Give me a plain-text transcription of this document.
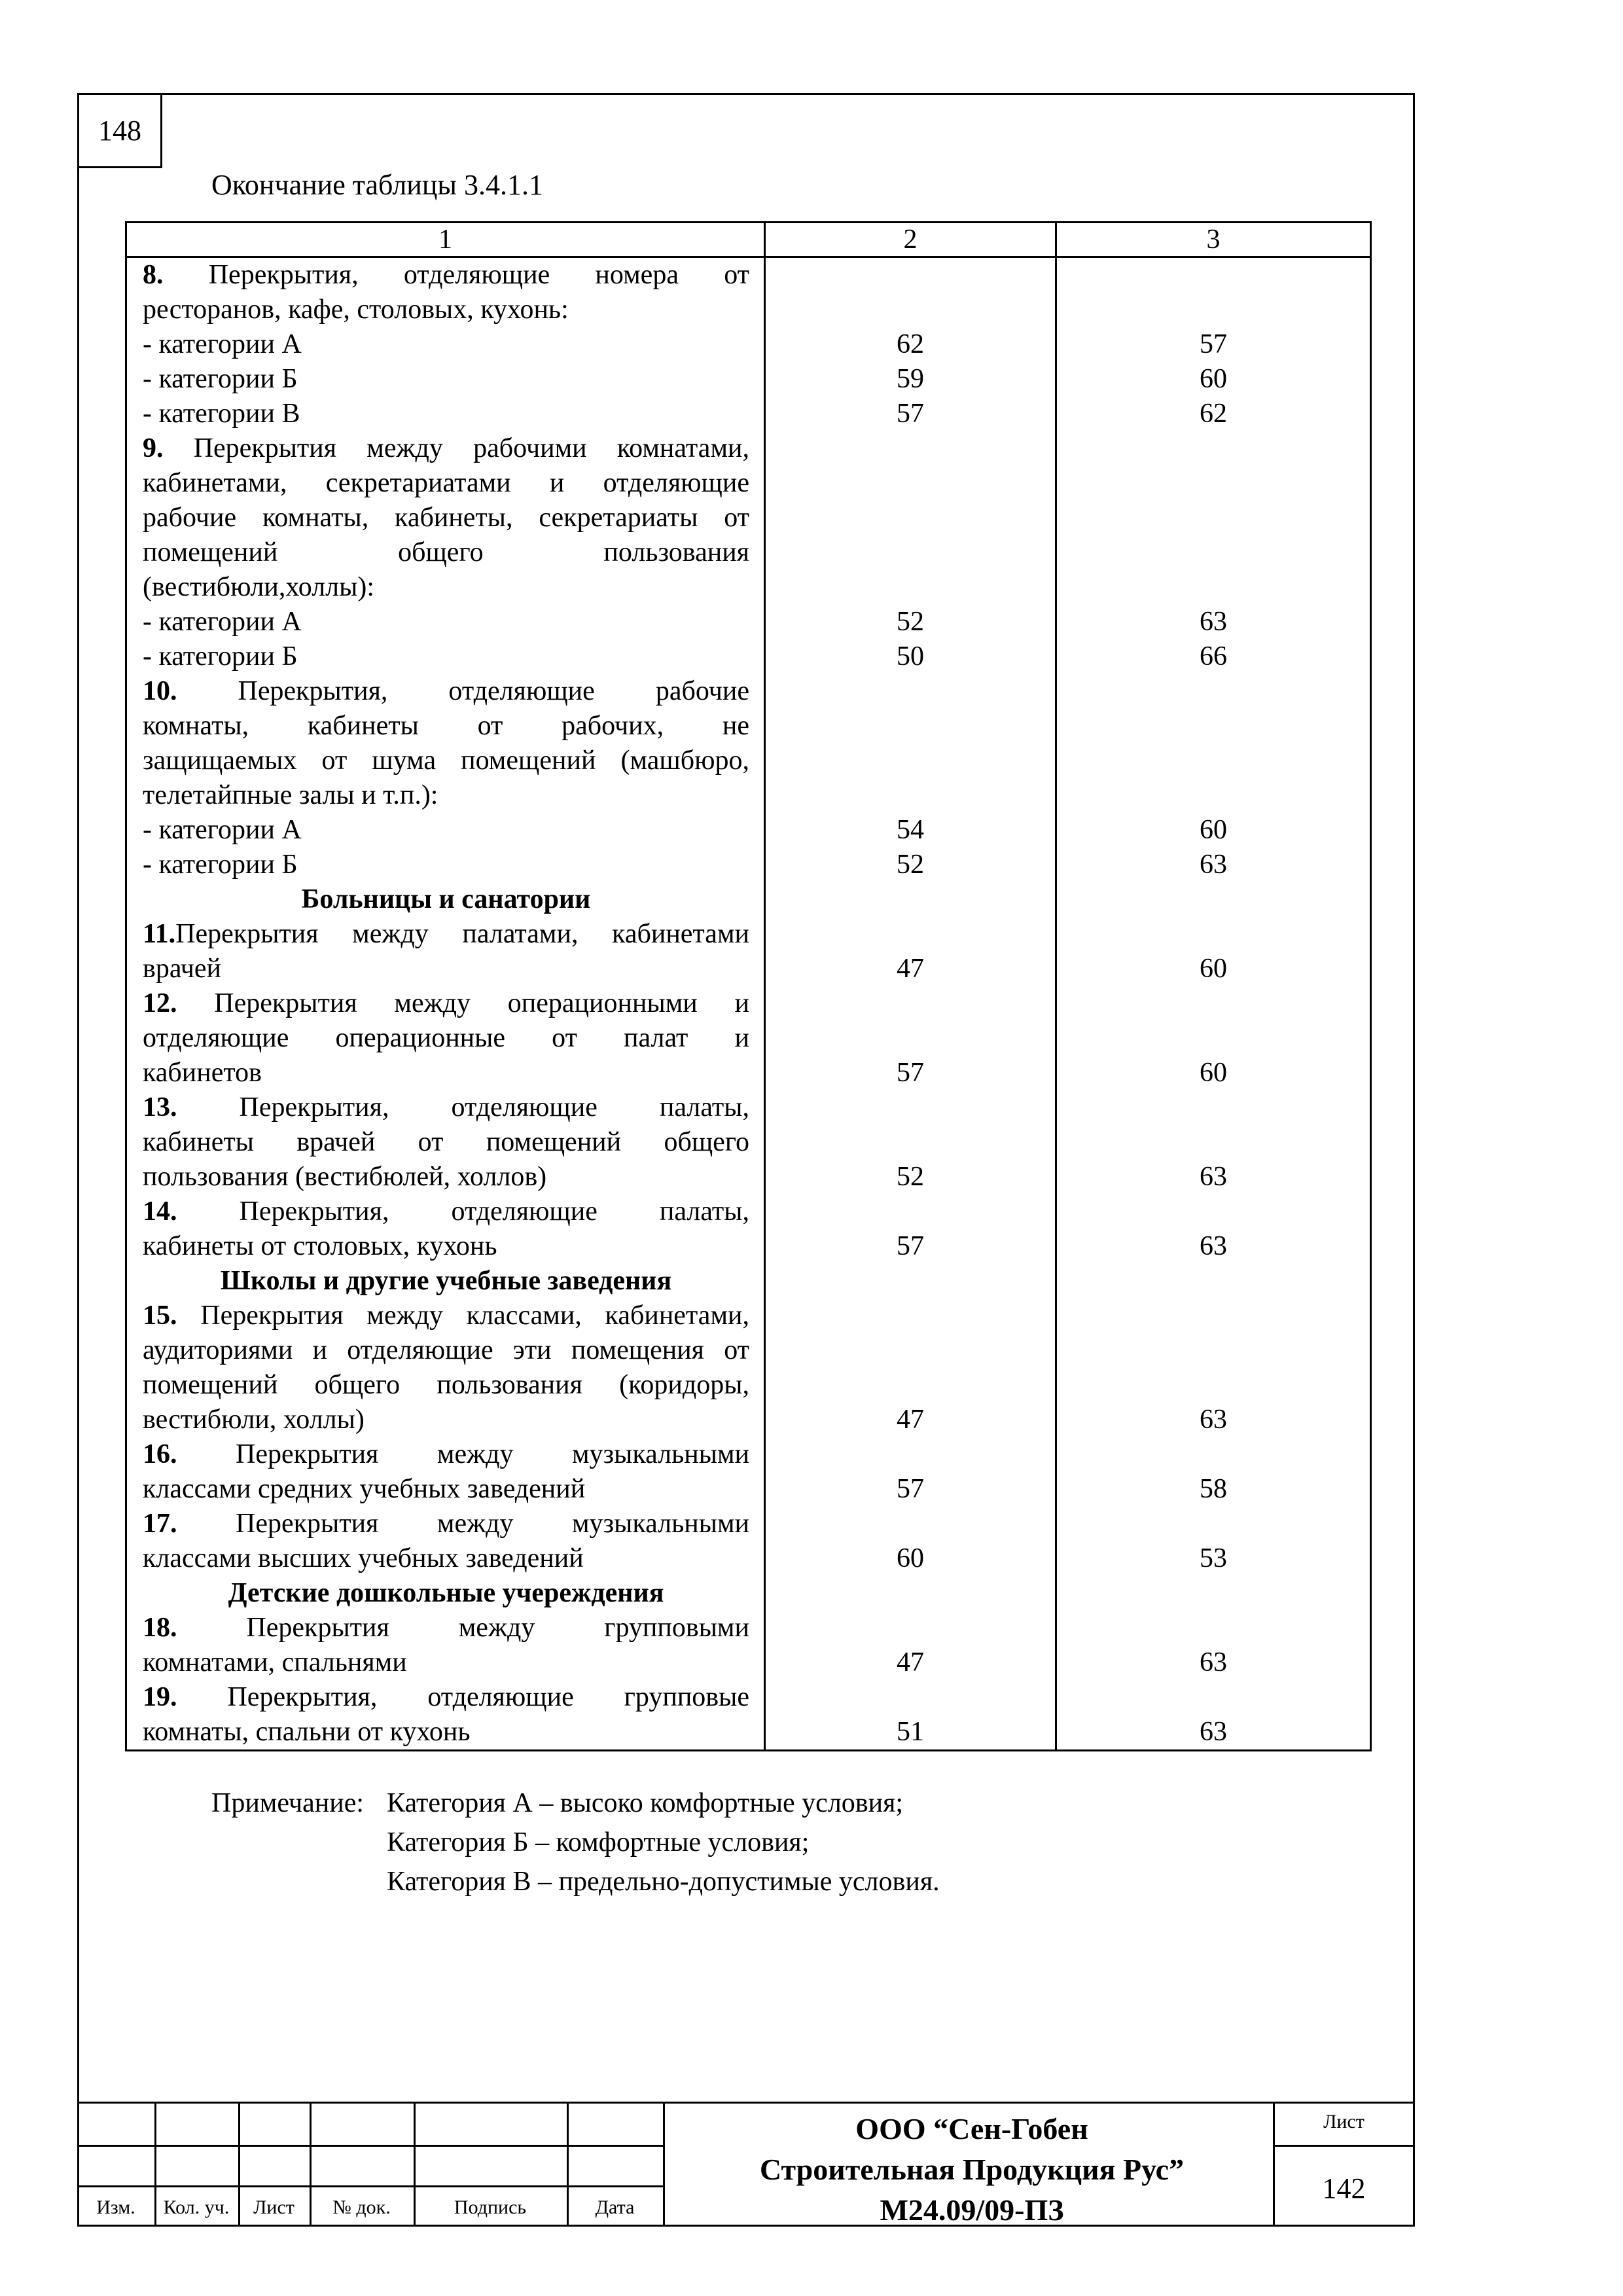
148
Окончание таблицы 3.4.1.1
1	2	3

8. Перекрытия, отделяющие номера от
ресторанов, кафе, столовых, кухонь:		

- категории А	62	57

- категории Б	59	60

- категории В	57	62

9. Перекрытия между рабочими комнатами,
кабинетами, секретариатами и отделяющие
рабочие комнаты, кабинеты, секретариаты от
помещений общего пользования
(вестибюли,холлы):		

- категории А	52	63

- категории Б	50	66

10. Перекрытия, отделяющие рабочие
комнаты, кабинеты от рабочих, не
защищаемых от шума помещений (машбюро,
телетайпные залы и т.п.):		

- категории А	54	60

- категории Б	52	63

Больницы и санатории		

11.Перекрытия между палатами, кабинетами
врачей	47	60

12. Перекрытия между операционными и
отделяющие операционные от палат и
кабинетов	57	60

13. Перекрытия, отделяющие палаты,
кабинеты врачей от помещений общего
пользования (вестибюлей, холлов)	52	63

14. Перекрытия, отделяющие палаты,
кабинеты от столовых, кухонь	57	63

Школы и другие учебные заведения		

15. Перекрытия между классами, кабинетами,
аудиториями и отделяющие эти помещения от
помещений общего пользования (коридоры,
вестибюли, холлы)	47	63

16. Перекрытия между музыкальными
классами средних учебных заведений	57	58

17. Перекрытия между музыкальными
классами высших учебных заведений	60	53

Детские дошкольные учереждения		

18. Перекрытия между групповыми
комнатами, спальнями	47	63

19. Перекрытия, отделяющие групповые
комнаты, спальни от кухонь	51	63
Примечание: Категория А – высоко комфортные условия;
Категория Б – комфортные условия;
Категория В – предельно-допустимые условия.
Изм.	Кол. уч.	Лист	№ док.	Подпись	Дата
ООО “Сен-Гобен
Строительная Продукция Рус”
М24.09/09-ПЗ
Лист
142
